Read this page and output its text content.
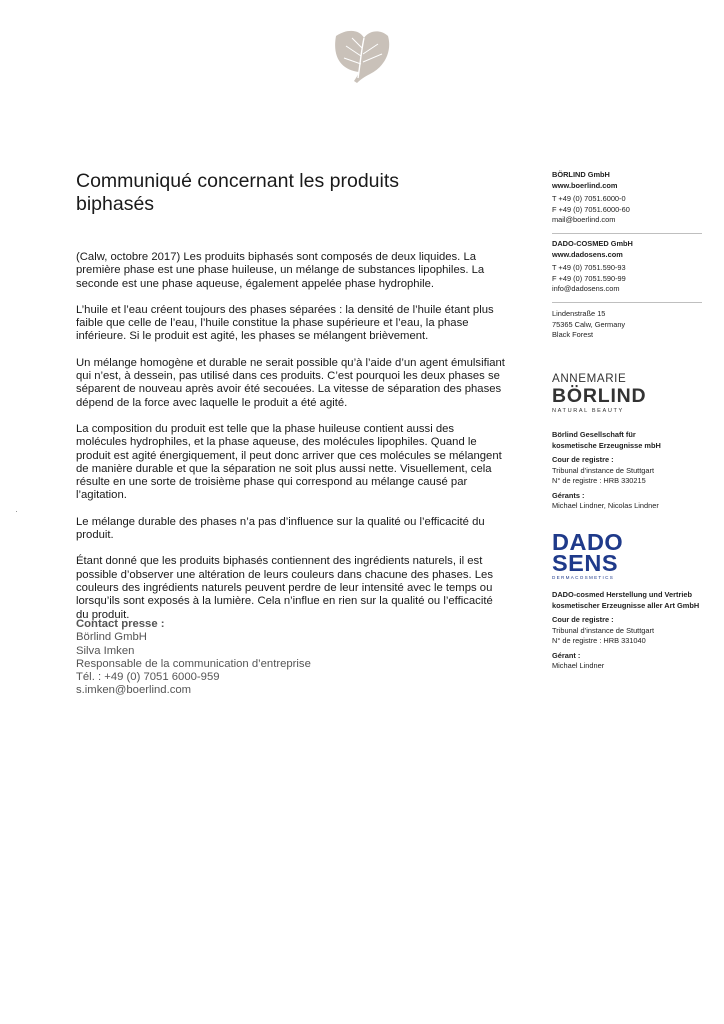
Communiqué concernant les produits biphasés

(Calw, octobre 2017) Les produits biphasés sont composés de deux liquides. La première phase est une phase huileuse, un mélange de substances lipophiles. La seconde est une phase aqueuse, également appelée phase hydrophile.

L’huile et l’eau créent toujours des phases séparées : la densité de l’huile étant plus faible que celle de l’eau, l’huile constitue la phase supérieure et l’eau, la phase inférieure. Si le produit est agité, les phases se mélangent brièvement.

Un mélange homogène et durable ne serait possible qu’à l’aide d’un agent émulsifiant qui n’est, à dessein, pas utilisé dans ces produits. C’est pourquoi les deux phases se séparent de nouveau après avoir été secouées. La vitesse de séparation des phases dépend de la force avec laquelle le produit a été agité.

La composition du produit est telle que la phase huileuse contient aussi des molécules hydrophiles, et la phase aqueuse, des molécules lipophiles. Quand le produit est agité énergiquement, il peut donc arriver que ces molécules se mélangent de manière durable et que la séparation ne soit plus aussi nette. Visuellement, cela résulte en une sorte de troisième phase qui correspond au mélange causé par l’agitation.

Le mélange durable des phases n’a pas d’influence sur la qualité ou l’efficacité du produit.

Étant donné que les produits biphasés contiennent des ingrédients naturels, il est possible d’observer une altération de leurs couleurs dans chacune des phases. Les couleurs des ingrédients naturels peuvent perdre de leur intensité avec le temps ou lorsqu’ils sont exposés à la lumière. Cela n’influe en rien sur la qualité ou l’efficacité du produit.

Contact presse :
Börlind GmbH
Silva Imken
Responsable de la communication d’entreprise
Tél. : +49 (0) 7051 6000-959
s.imken@boerlind.com
BÖRLIND GmbH
www.boerlind.com
T +49 (0) 7051.6000-0
F +49 (0) 7051.6000-60
mail@boerlind.com
DADO-COSMED GmbH
www.dadosens.com
T +49 (0) 7051.590-93
F +49 (0) 7051.590-99
info@dadosens.com
Lindenstraße 15
75365 Calw, Germany
Black Forest
ANNEMARIE
BÖRLIND
NATURAL BEAUTY
Börlind Gesellschaft für
kosmetische Erzeugnisse mbH
Cour de registre :
Tribunal d’instance de Stuttgart
N° de registre : HRB 330215
Gérants :
Michael Lindner, Nicolas Lindner
DADO
SENS
DERMACOSMETICS
DADO-cosmed Herstellung und Vertrieb
kosmetischer Erzeugnisse aller Art GmbH
Cour de registre :
Tribunal d’instance de Stuttgart
N° de registre : HRB 331040
Gérant :
Michael Lindner
